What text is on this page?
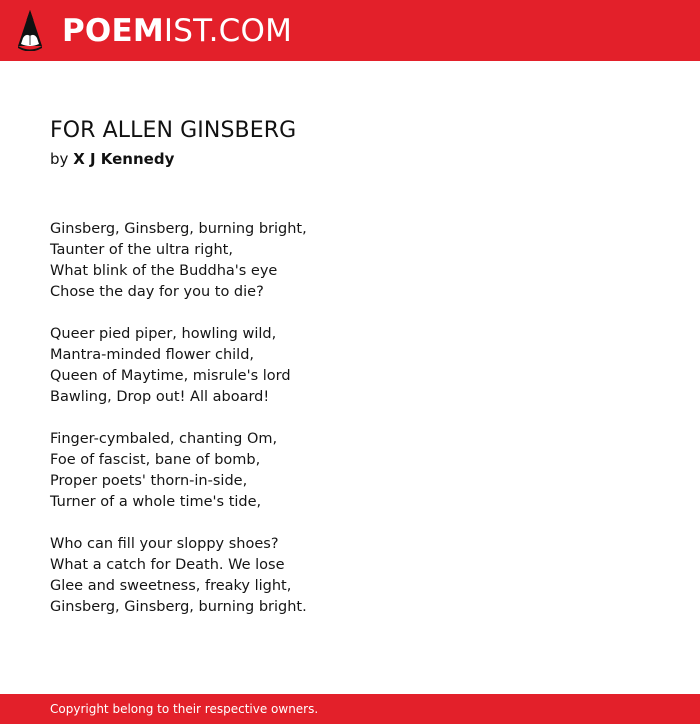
POEMIST.COM
FOR ALLEN GINSBERG
by X J Kennedy
Ginsberg, Ginsberg, burning bright,
Taunter of the ultra right,
What blink of the Buddha's eye
Chose the day for you to die?
Queer pied piper, howling wild,
Mantra-minded flower child,
Queen of Maytime, misrule's lord
Bawling, Drop out! All aboard!
Finger-cymbaled, chanting Om,
Foe of fascist, bane of bomb,
Proper poets' thorn-in-side,
Turner of a whole time's tide,
Who can fill your sloppy shoes?
What a catch for Death. We lose
Glee and sweetness, freaky light,
Ginsberg, Ginsberg, burning bright.
Copyright belong to their respective owners.
